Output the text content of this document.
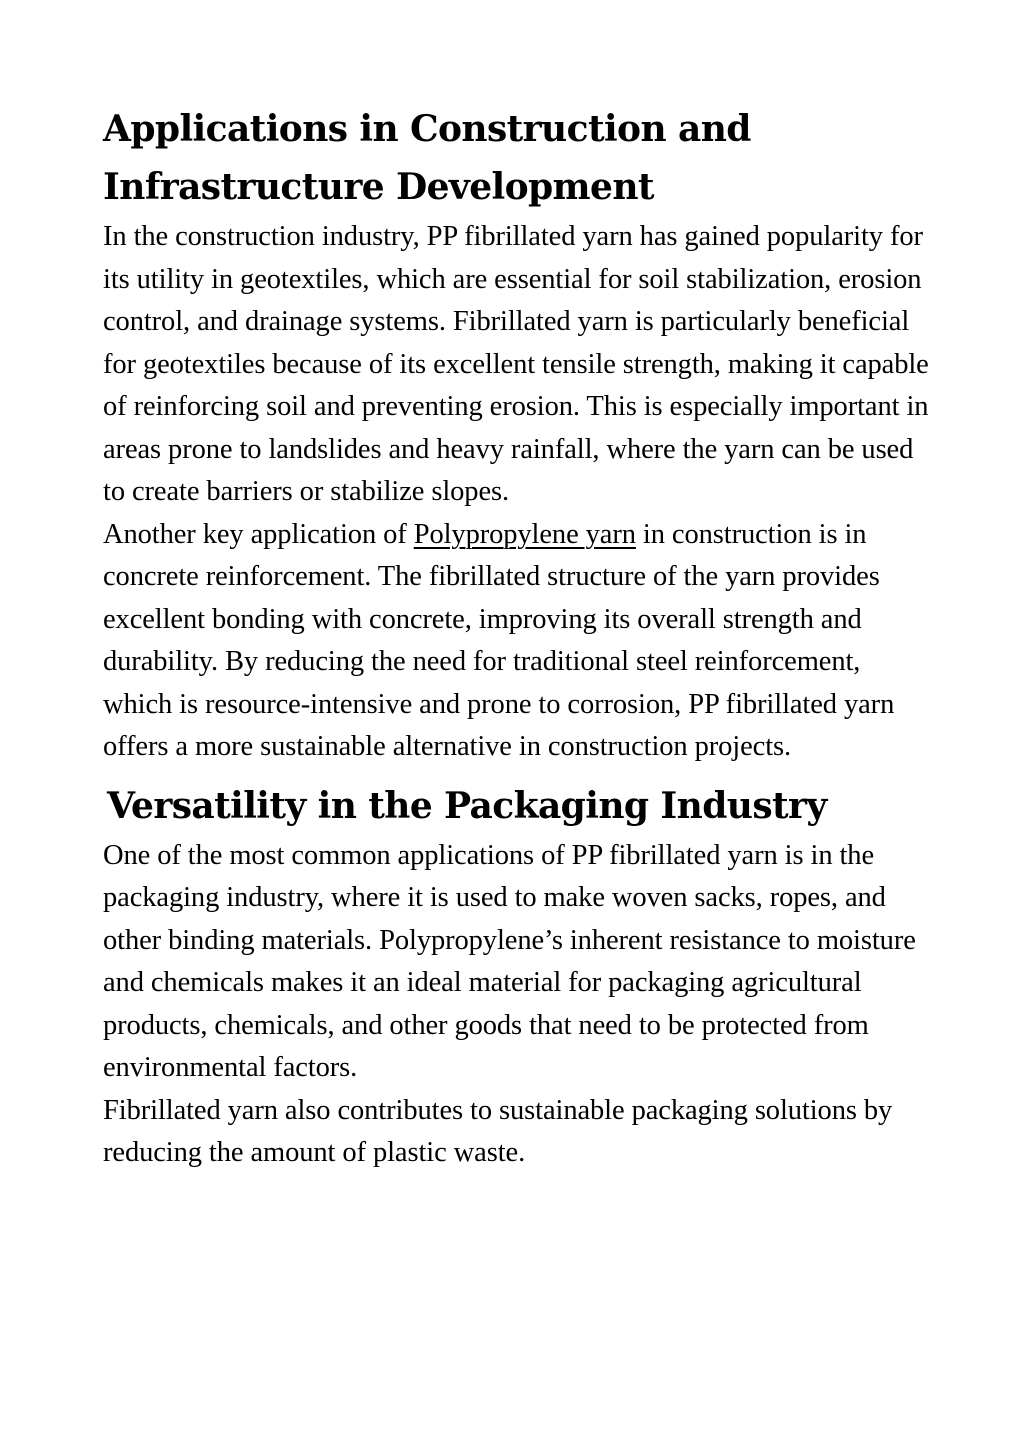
Applications in Construction and
Infrastructure Development

In the construction industry, PP fibrillated yarn has gained popularity for its utility in geotextiles, which are essential for soil stabilization, erosion control, and drainage systems. Fibrillated yarn is particularly beneficial for geotextiles because of its excellent tensile strength, making it capable of reinforcing soil and preventing erosion. This is especially important in areas prone to landslides and heavy rainfall, where the yarn can be used to create barriers or stabilize slopes.

Another key application of Polypropylene yarn in construction is in concrete reinforcement. The fibrillated structure of the yarn provides excellent bonding with concrete, improving its overall strength and durability. By reducing the need for traditional steel reinforcement, which is resource-intensive and prone to corrosion, PP fibrillated yarn offers a more sustainable alternative in construction projects.

Versatility in the Packaging Industry

One of the most common applications of PP fibrillated yarn is in the packaging industry, where it is used to make woven sacks, ropes, and other binding materials. Polypropylene’s inherent resistance to moisture and chemicals makes it an ideal material for packaging agricultural products, chemicals, and other goods that need to be protected from environmental factors.

Fibrillated yarn also contributes to sustainable packaging solutions by reducing the amount of plastic waste.
